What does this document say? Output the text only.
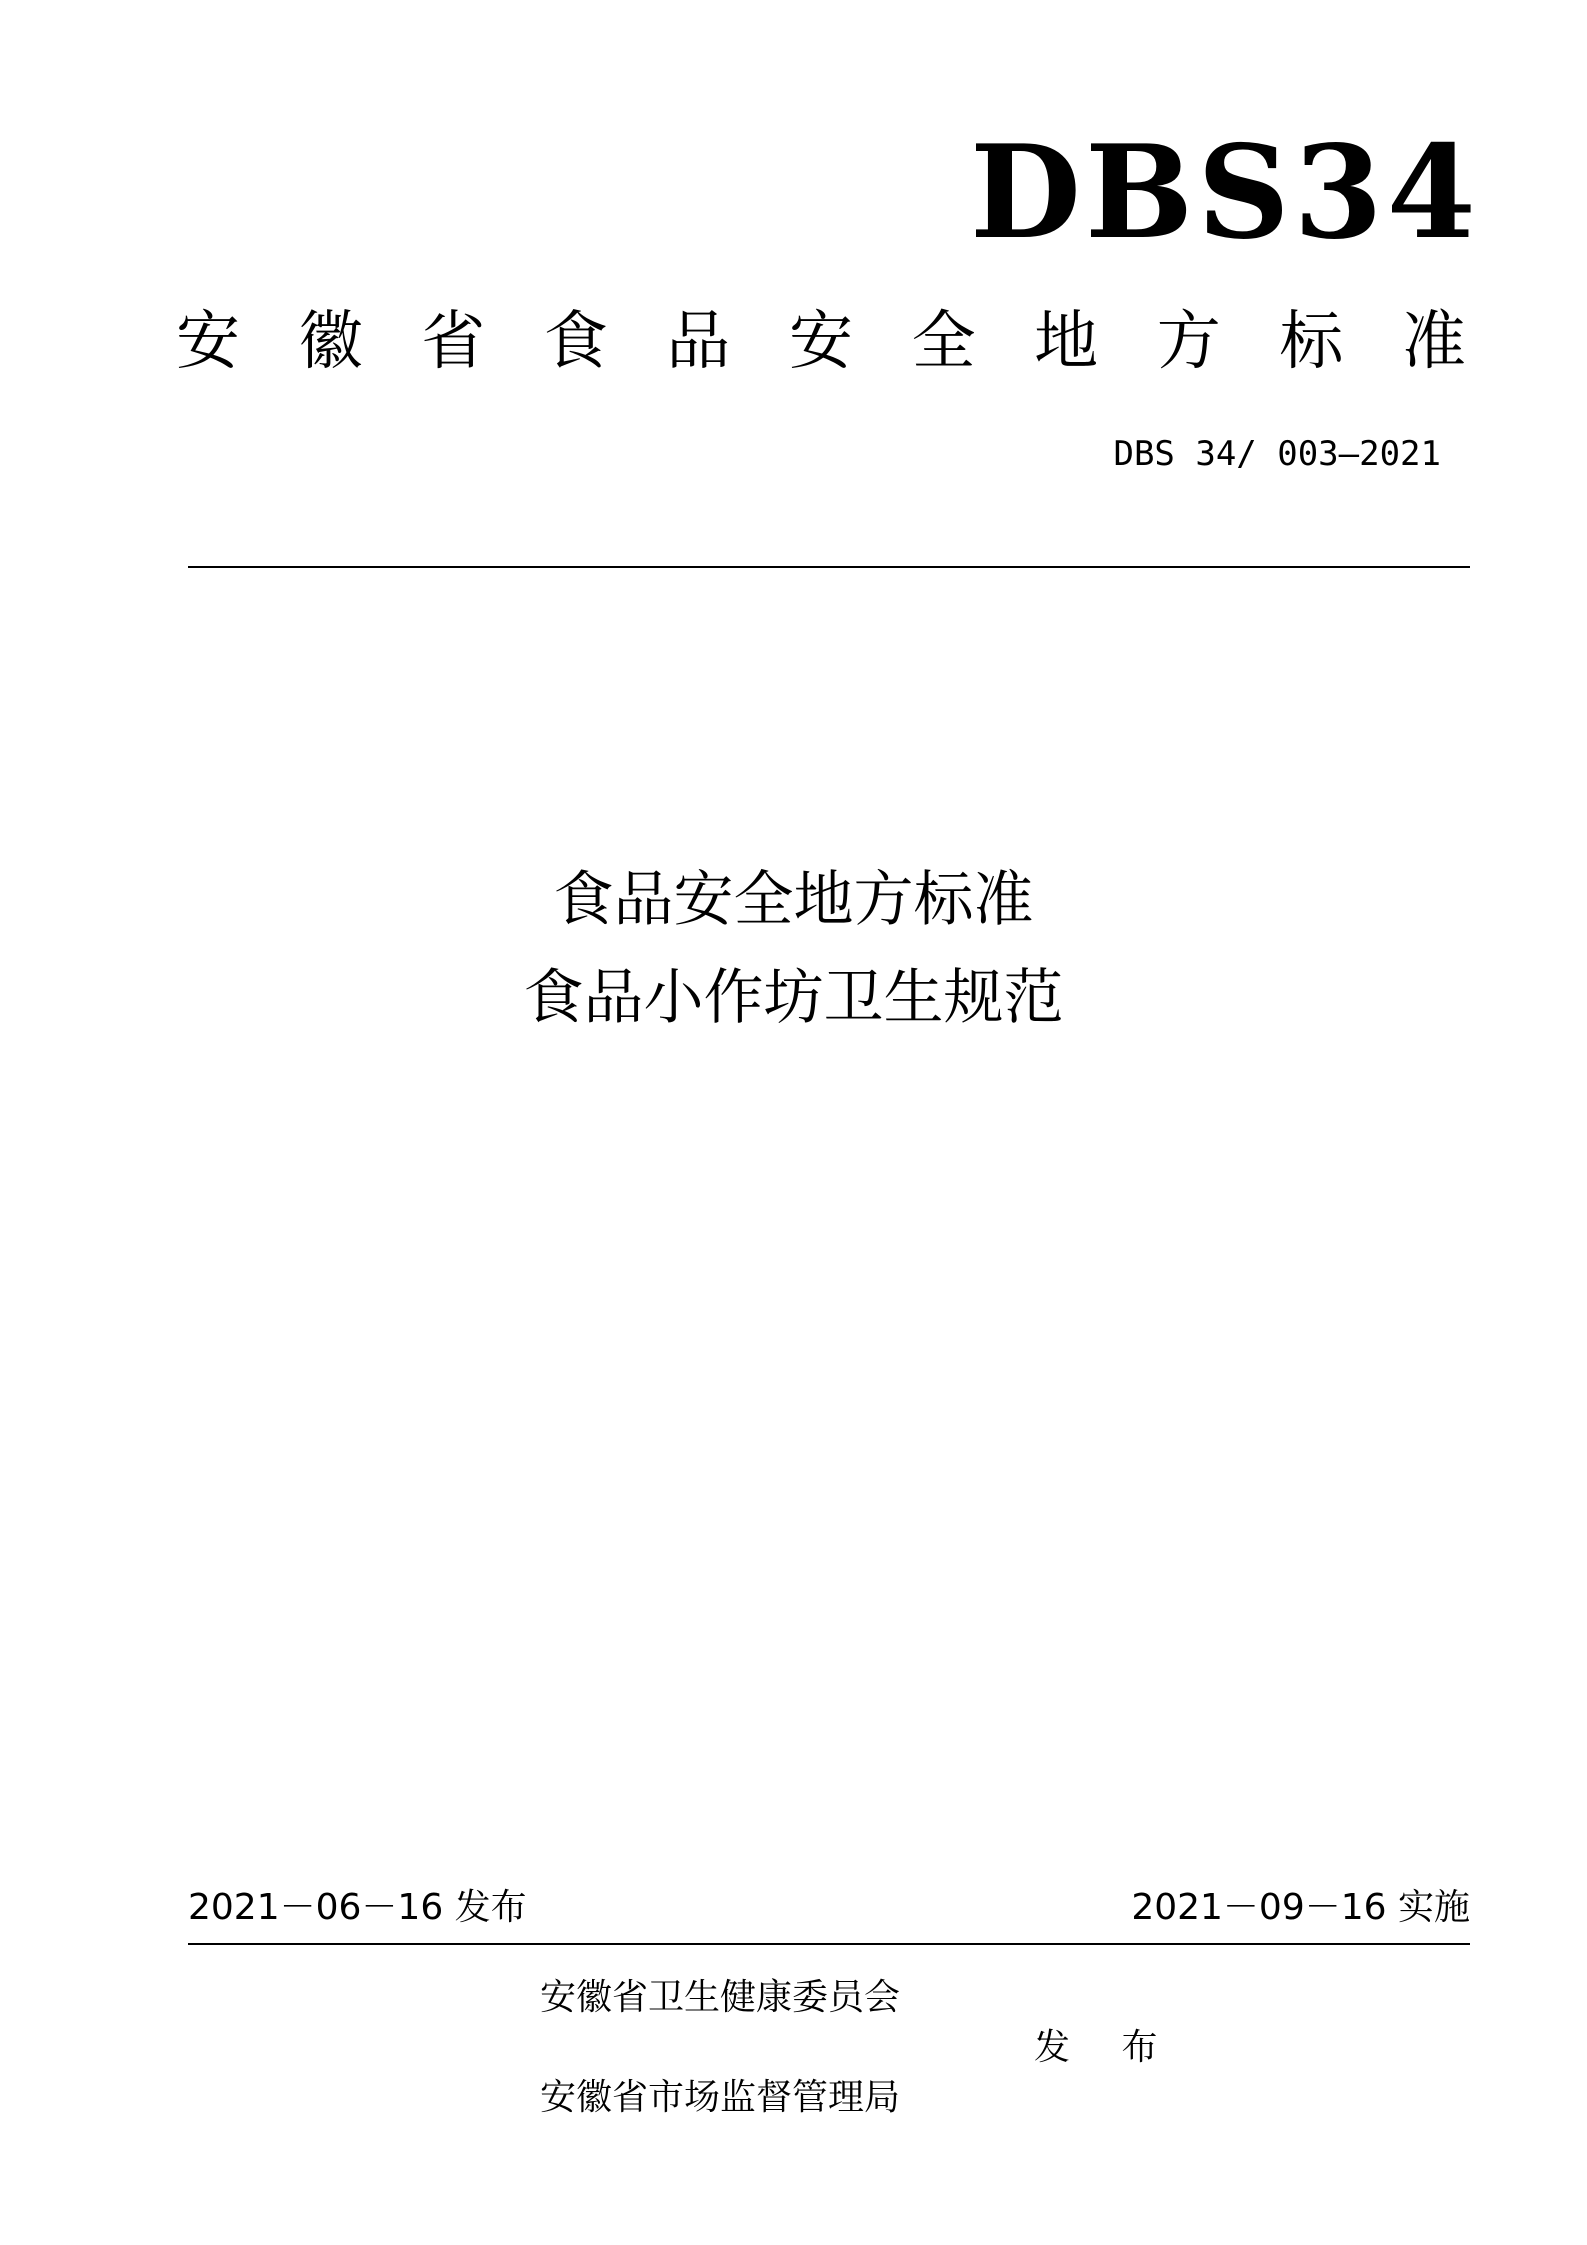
DBS34
安 徽 省 食 品 安 全 地 方 标 准
DBS 34/ 003—2021
食品安全地方标准
食品小作坊卫生规范
2021－06－16 发布	2021－09－16 实施
安徽省卫生健康委员会
发 布
安徽省市场监督管理局
